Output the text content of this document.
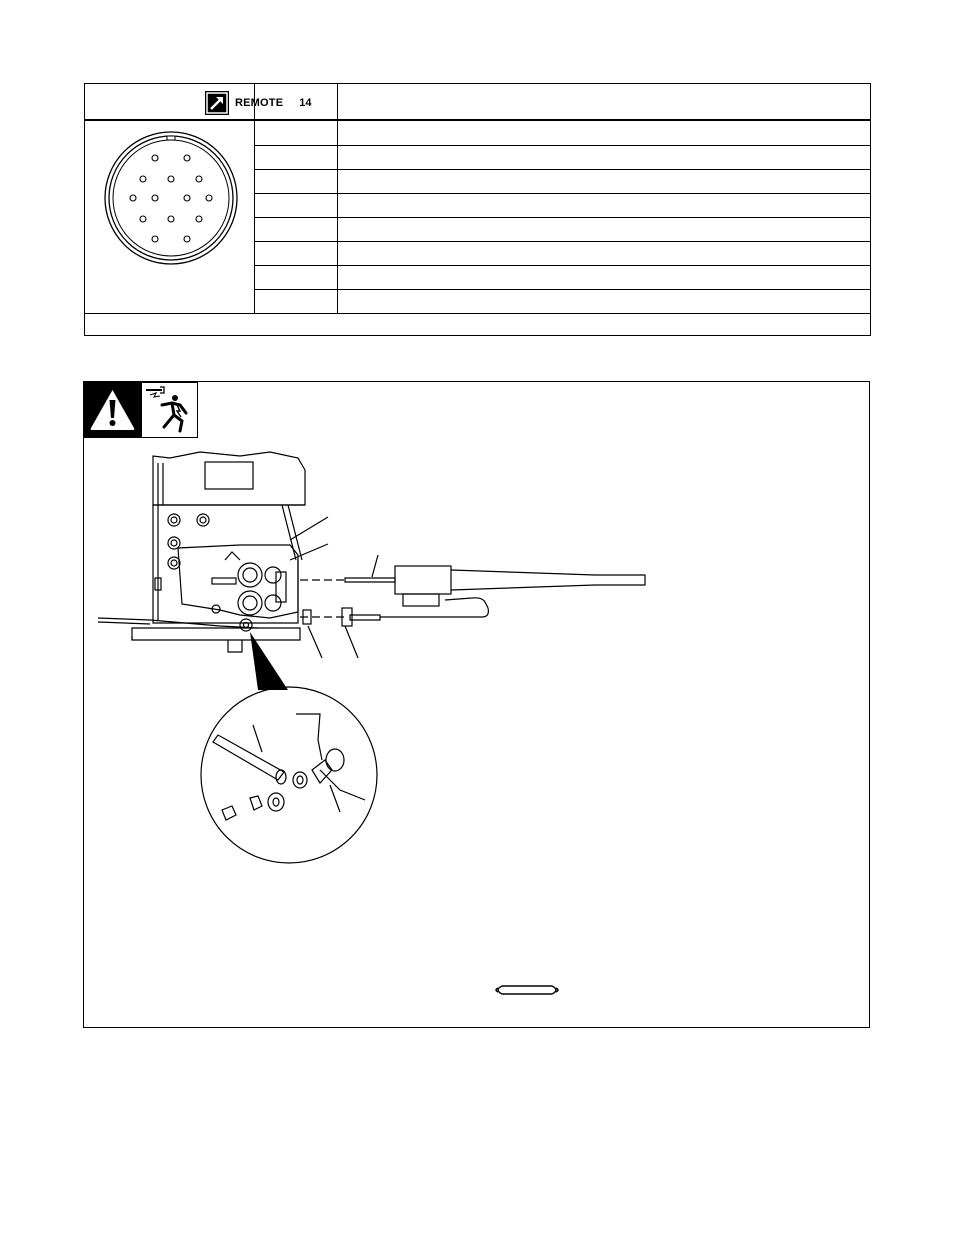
REMOTE 14
